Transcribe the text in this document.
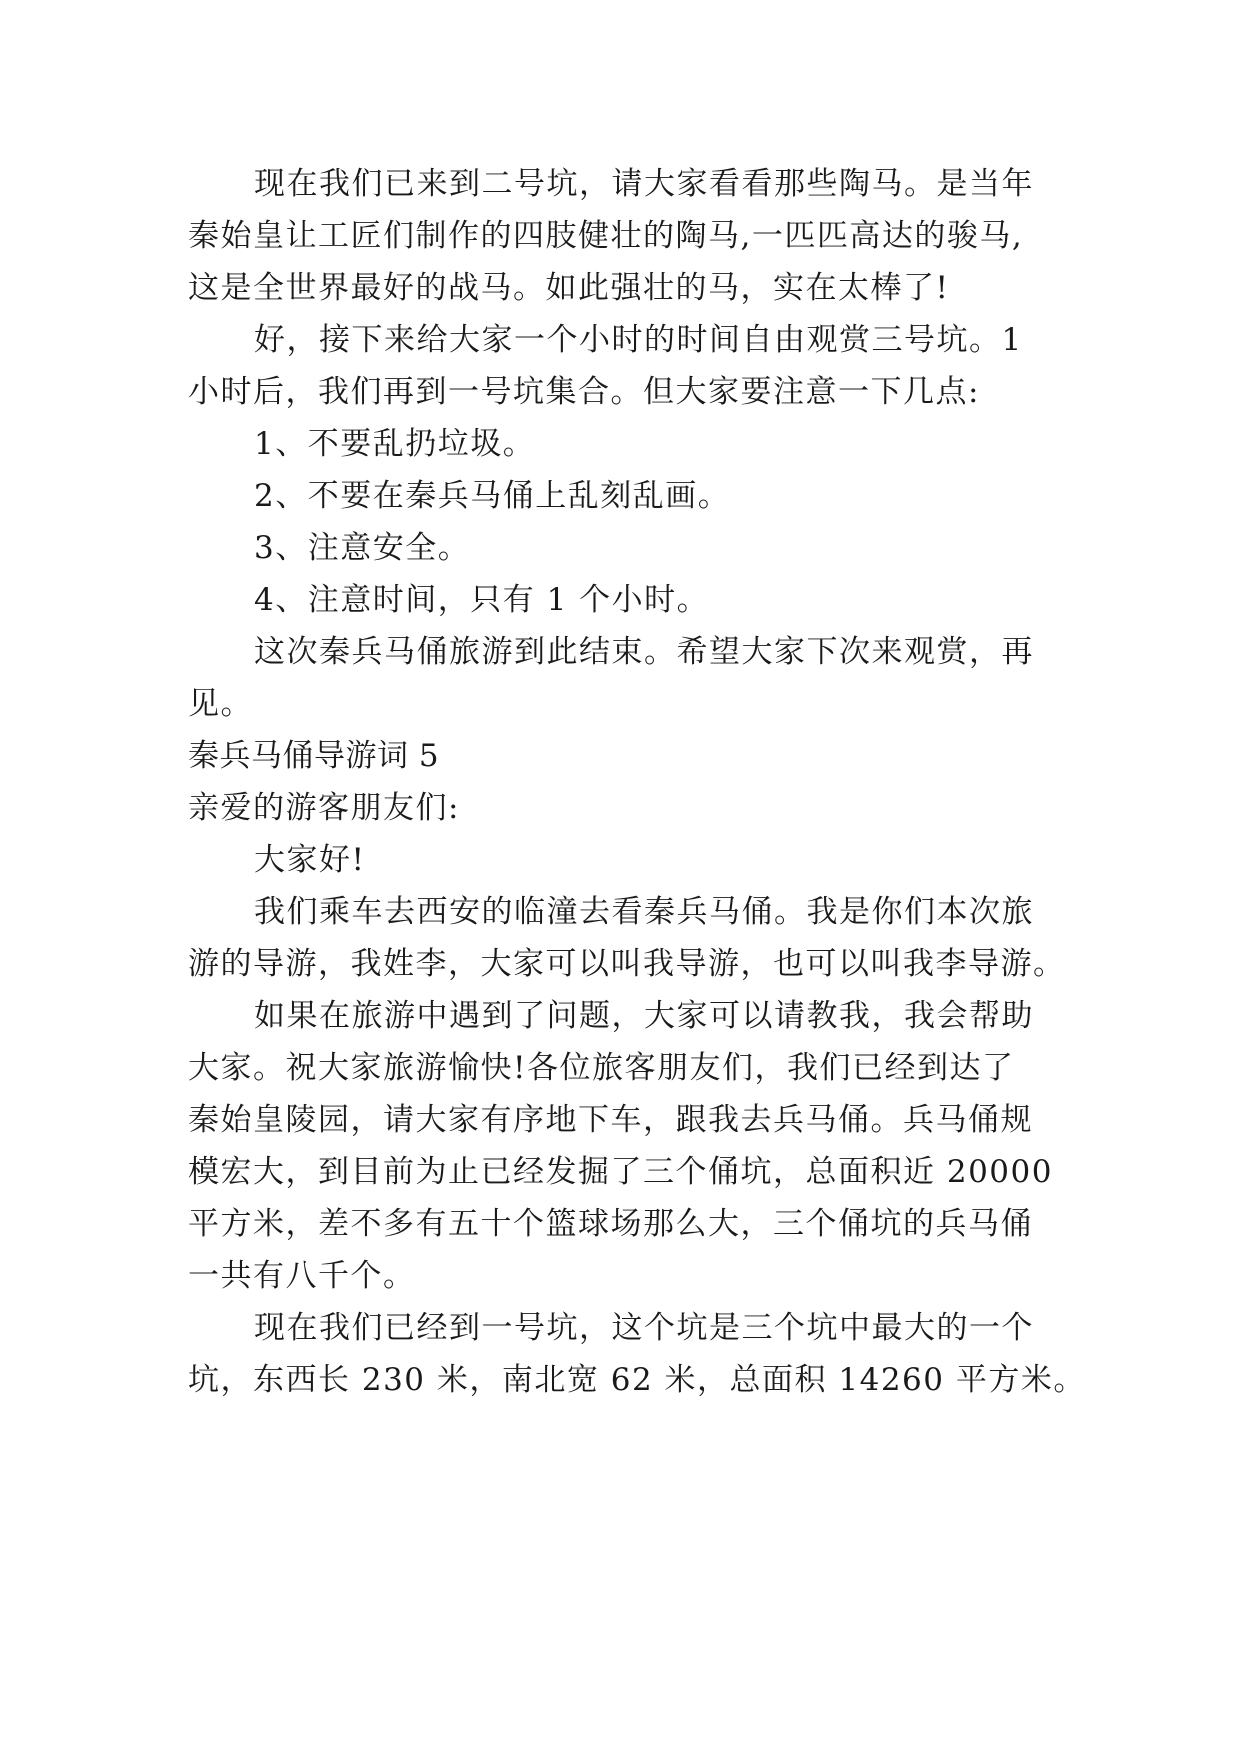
现在我们已来到二号坑，请大家看看那些陶马。是当年
秦始皇让工匠们制作的四肢健壮的陶马,一匹匹高达的骏马,
这是全世界最好的战马。如此强壮的马，实在太棒了!
好，接下来给大家一个小时的时间自由观赏三号坑。1
小时后，我们再到一号坑集合。但大家要注意一下几点:
1、不要乱扔垃圾。
2、不要在秦兵马俑上乱刻乱画。
3、注意安全。
4、注意时间，只有 1 个小时。
这次秦兵马俑旅游到此结束。希望大家下次来观赏，再
见。
秦兵马俑导游词 5
亲爱的游客朋友们:
大家好!
我们乘车去西安的临潼去看秦兵马俑。我是你们本次旅
游的导游，我姓李，大家可以叫我导游，也可以叫我李导游。
如果在旅游中遇到了问题，大家可以请教我，我会帮助
大家。祝大家旅游愉快!各位旅客朋友们，我们已经到达了
秦始皇陵园，请大家有序地下车，跟我去兵马俑。兵马俑规
模宏大，到目前为止已经发掘了三个俑坑，总面积近 20000
平方米，差不多有五十个篮球场那么大，三个俑坑的兵马俑
一共有八千个。
现在我们已经到一号坑，这个坑是三个坑中最大的一个
坑，东西长 230 米，南北宽 62 米，总面积 14260 平方米。
